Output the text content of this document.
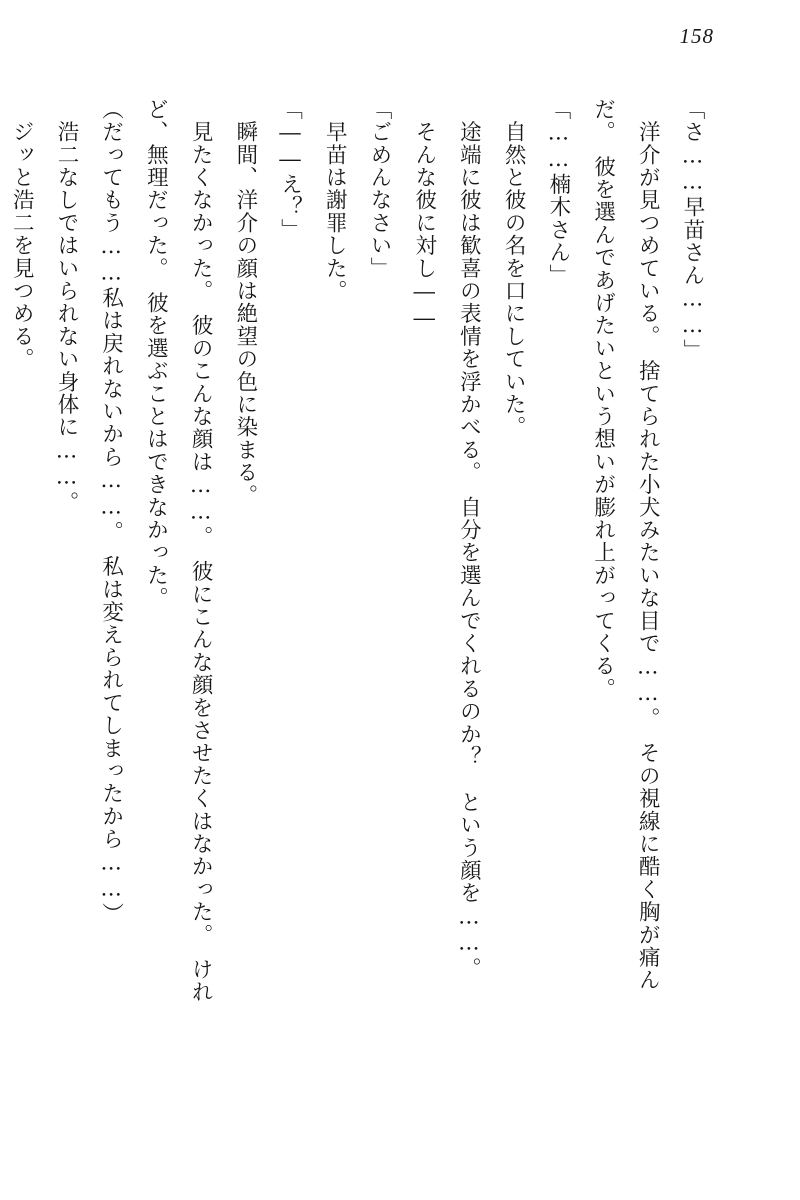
158
「さ……早苗さん……」
　洋介が見つめている。　捨てられた小犬みたいな目で……。　その視線に酷く胸が痛ん
だ。　彼を選んであげたいという想いが膨れ上がってくる。
「……楠木さん」
　自然と彼の名を口にしていた。
　途端に彼は歓喜の表情を浮かべる。　自分を選んでくれるのか？　という顔を……。
　そんな彼に対し――
「ごめんなさい」
　早苗は謝罪した。
「――え？」
　瞬間、洋介の顔は絶望の色に染まる。
　見たくなかった。　彼のこんな顔は……。　彼にこんな顔をさせたくはなかった。　けれ
ど、無理だった。　彼を選ぶことはできなかった。
（だってもう……私は戻れないから……。　私は変えられてしまったから……）
　浩二なしではいられない身体に……。
　ジッと浩二を見つめる。
